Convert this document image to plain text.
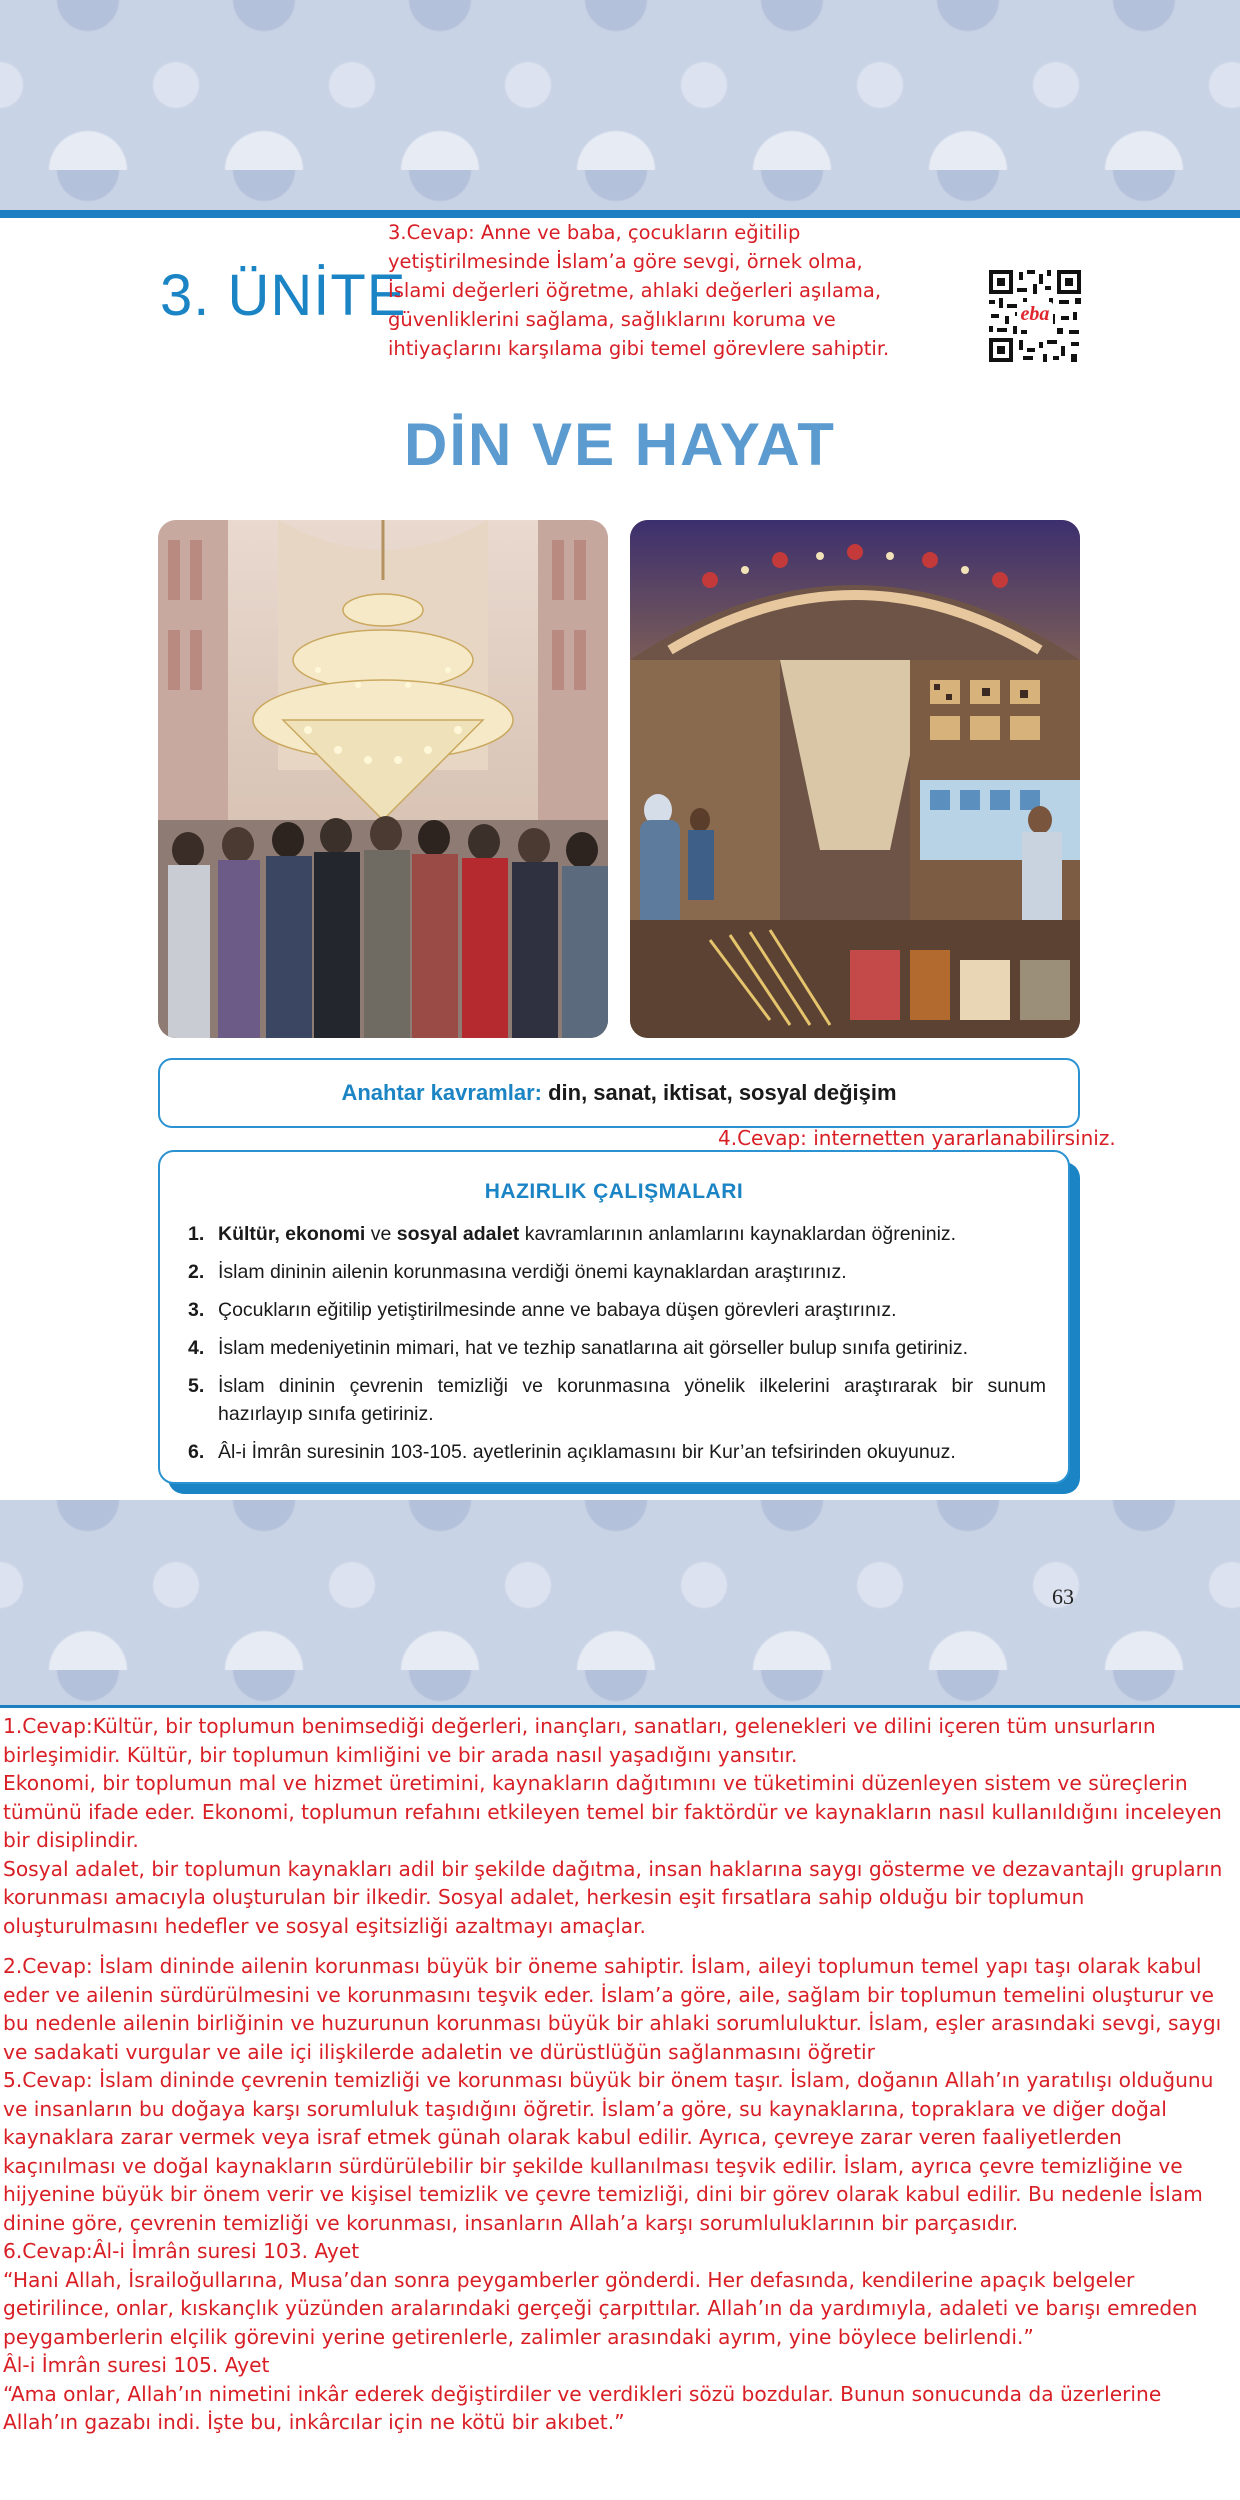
3. ÜNİTE
3.Cevap: Anne ve baba, çocukların eğitilip yetiştirilmesinde İslam’a göre sevgi, örnek olma, İslami değerleri öğretme, ahlaki değerleri aşılama, güvenliklerini sağlama, sağlıklarını koruma ve ihtiyaçlarını karşılama gibi temel görevlere sahiptir.
eba
DİN VE HAYAT
Anahtar kavramlar: din, sanat, iktisat, sosyal değişim
4.Cevap: internetten yararlanabilirsiniz.
HAZIRLIK ÇALIŞMALARI
1. Kültür, ekonomi ve sosyal adalet kavramlarının anlamlarını kaynaklardan öğreniniz.
2. İslam dininin ailenin korunmasına verdiği önemi kaynaklardan araştırınız.
3. Çocukların eğitilip yetiştirilmesinde anne ve babaya düşen görevleri araştırınız.
4. İslam medeniyetinin mimari, hat ve tezhip sanatlarına ait görseller bulup sınıfa getiriniz.
5. İslam dininin çevrenin temizliği ve korunmasına yönelik ilkelerini araştırarak bir sunum hazırlayıp sınıfa getiriniz.
6. Âl-i İmrân suresinin 103-105. ayetlerinin açıklamasını bir Kur’an tefsirinden okuyunuz.
63

1.Cevap:Kültür, bir toplumun benimsediği değerleri, inançları, sanatları, gelenekleri ve dilini içeren tüm unsurların birleşimidir. Kültür, bir toplumun kimliğini ve bir arada nasıl yaşadığını yansıtır.

Ekonomi, bir toplumun mal ve hizmet üretimini, kaynakların dağıtımını ve tüketimini düzenleyen sistem ve süreçlerin tümünü ifade eder. Ekonomi, toplumun refahını etkileyen temel bir faktördür ve kaynakların nasıl kullanıldığını inceleyen bir disiplindir.

Sosyal adalet, bir toplumun kaynakları adil bir şekilde dağıtma, insan haklarına saygı gösterme ve dezavantajlı grupların korunması amacıyla oluşturulan bir ilkedir. Sosyal adalet, herkesin eşit fırsatlara sahip olduğu bir toplumun oluşturulmasını hedefler ve sosyal eşitsizliği azaltmayı amaçlar.

2.Cevap: İslam dininde ailenin korunması büyük bir öneme sahiptir. İslam, aileyi toplumun temel yapı taşı olarak kabul eder ve ailenin sürdürülmesini ve korunmasını teşvik eder. İslam’a göre, aile, sağlam bir toplumun temelini oluşturur ve bu nedenle ailenin birliğinin ve huzurunun korunması büyük bir ahlaki sorumluluktur. İslam, eşler arasındaki sevgi, saygı ve sadakati vurgular ve aile içi ilişkilerde adaletin ve dürüstlüğün sağlanmasını öğretir

5.Cevap: İslam dininde çevrenin temizliği ve korunması büyük bir önem taşır. İslam, doğanın Allah’ın yaratılışı olduğunu ve insanların bu doğaya karşı sorumluluk taşıdığını öğretir. İslam’a göre, su kaynaklarına, topraklara ve diğer doğal kaynaklara zarar vermek veya israf etmek günah olarak kabul edilir. Ayrıca, çevreye zarar veren faaliyetlerden kaçınılması ve doğal kaynakların sürdürülebilir bir şekilde kullanılması teşvik edilir. İslam, ayrıca çevre temizliğine ve hijyenine büyük bir önem verir ve kişisel temizlik ve çevre temizliği, dini bir görev olarak kabul edilir. Bu nedenle İslam dinine göre, çevrenin temizliği ve korunması, insanların Allah’a karşı sorumluluklarının bir parçasıdır.

6.Cevap:Âl-i İmrân suresi 103. Ayet

“Hani Allah, İsrailoğullarına, Musa’dan sonra peygamberler gönderdi. Her defasında, kendilerine apaçık belgeler getirilince, onlar, kıskançlık yüzünden aralarındaki gerçeği çarpıttılar. Allah’ın da yardımıyla, adaleti ve barışı emreden peygamberlerin elçilik görevini yerine getirenlerle, zalimler arasındaki ayrım, yine böylece belirlendi.”

Âl-i İmrân suresi 105. Ayet

“Ama onlar, Allah’ın nimetini inkâr ederek değiştirdiler ve verdikleri sözü bozdular. Bunun sonucunda da üzerlerine Allah’ın gazabı indi. İşte bu, inkârcılar için ne kötü bir akıbet.”
